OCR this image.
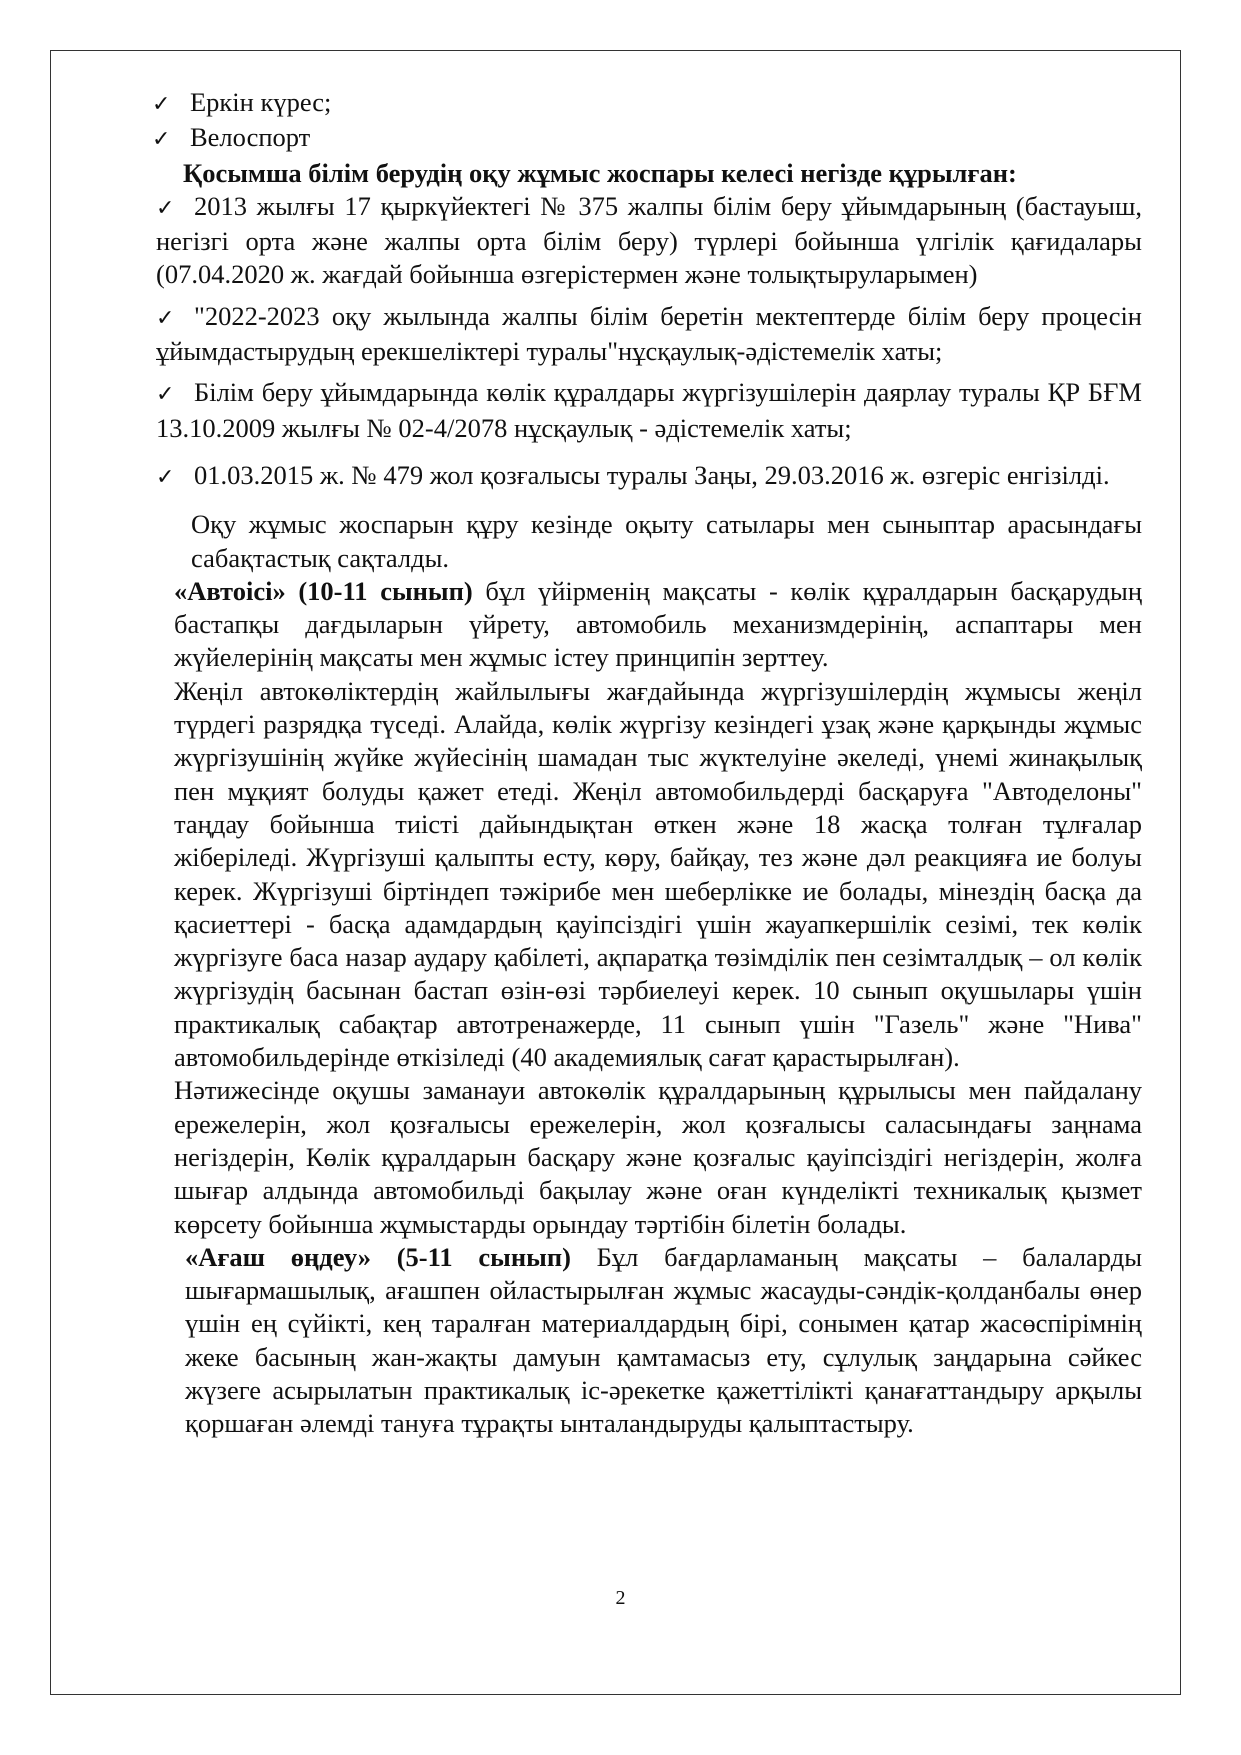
✓ Еркін күрес;

✓ Велоспорт

Қосымша білім берудің оқу жұмыс жоспары келесі негізде құрылған:

✓ 2013 жылғы 17 қыркүйектегі № 375 жалпы білім беру ұйымдарының (бастауыш, негізгі орта және жалпы орта білім беру) түрлері бойынша үлгілік қағидалары (07.04.2020 ж. жағдай бойынша өзгерістермен және толықтыруларымен)

✓ "2022-2023 оқу жылында жалпы білім беретін мектептерде білім беру процесін ұйымдастырудың ерекшеліктері туралы"нұсқаулық-әдістемелік хаты;

✓ Білім беру ұйымдарында көлік құралдары жүргізушілерін даярлау туралы ҚР БҒМ 13.10.2009 жылғы № 02-4/2078 нұсқаулық - әдістемелік хаты;

✓ 01.03.2015 ж. № 479 жол қозғалысы туралы Заңы, 29.03.2016 ж. өзгеріс енгізілді.

Оқу жұмыс жоспарын құру кезінде оқыту сатылары мен сыныптар арасындағы сабақтастық сақталды.

«Автоісі» (10-11 сынып) бұл үйірменің мақсаты - көлік құралдарын басқарудың бастапқы дағдыларын үйрету, автомобиль механизмдерінің, аспаптары мен жүйелерінің мақсаты мен жұмыс істеу принципін зерттеу.

Жеңіл автокөліктердің жайлылығы жағдайында жүргізушілердің жұмысы жеңіл түрдегі разрядқа түседі. Алайда, көлік жүргізу кезіндегі ұзақ және қарқынды жұмыс жүргізушінің жүйке жүйесінің шамадан тыс жүктелуіне әкеледі, үнемі жинақылық пен мұқият болуды қажет етеді. Жеңіл автомобильдерді басқаруға "Автоделоны" таңдау бойынша тиісті дайындықтан өткен және 18 жасқа толған тұлғалар жіберіледі. Жүргізуші қалыпты есту, көру, байқау, тез және дәл реакцияға ие болуы керек. Жүргізуші біртіндеп тәжірибе мен шеберлікке ие болады, мінездің басқа да қасиеттері - басқа адамдардың қауіпсіздігі үшін жауапкершілік сезімі, тек көлік жүргізуге баса назар аудару қабілеті, ақпаратқа төзімділік пен сезімталдық – ол көлік жүргізудің басынан бастап өзін-өзі тәрбиелеуі керек. 10 сынып оқушылары үшін практикалық сабақтар автотренажерде, 11 сынып үшін "Газель" және "Нива" автомобильдерінде өткізіледі (40 академиялық сағат қарастырылған).

Нәтижесінде оқушы заманауи автокөлік құралдарының құрылысы мен пайдалану ережелерін, жол қозғалысы ережелерін, жол қозғалысы саласындағы заңнама негіздерін, Көлік құралдарын басқару және қозғалыс қауіпсіздігі негіздерін, жолға шығар алдында автомобильді бақылау және оған күнделікті техникалық қызмет көрсету бойынша жұмыстарды орындау тәртібін білетін болады.

«Ағаш өңдеу» (5-11 сынып) Бұл бағдарламаның мақсаты – балаларды шығармашылық, ағашпен ойластырылған жұмыс жасауды-сәндік-қолданбалы өнер үшін ең сүйікті, кең таралған материалдардың бірі, сонымен қатар жасөспірімнің жеке басының жан-жақты дамуын қамтамасыз ету, сұлулық заңдарына сәйкес жүзеге асырылатын практикалық іс-әрекетке қажеттілікті қанағаттандыру арқылы қоршаған әлемді тануға тұрақты ынталандыруды қалыптастыру.

2
